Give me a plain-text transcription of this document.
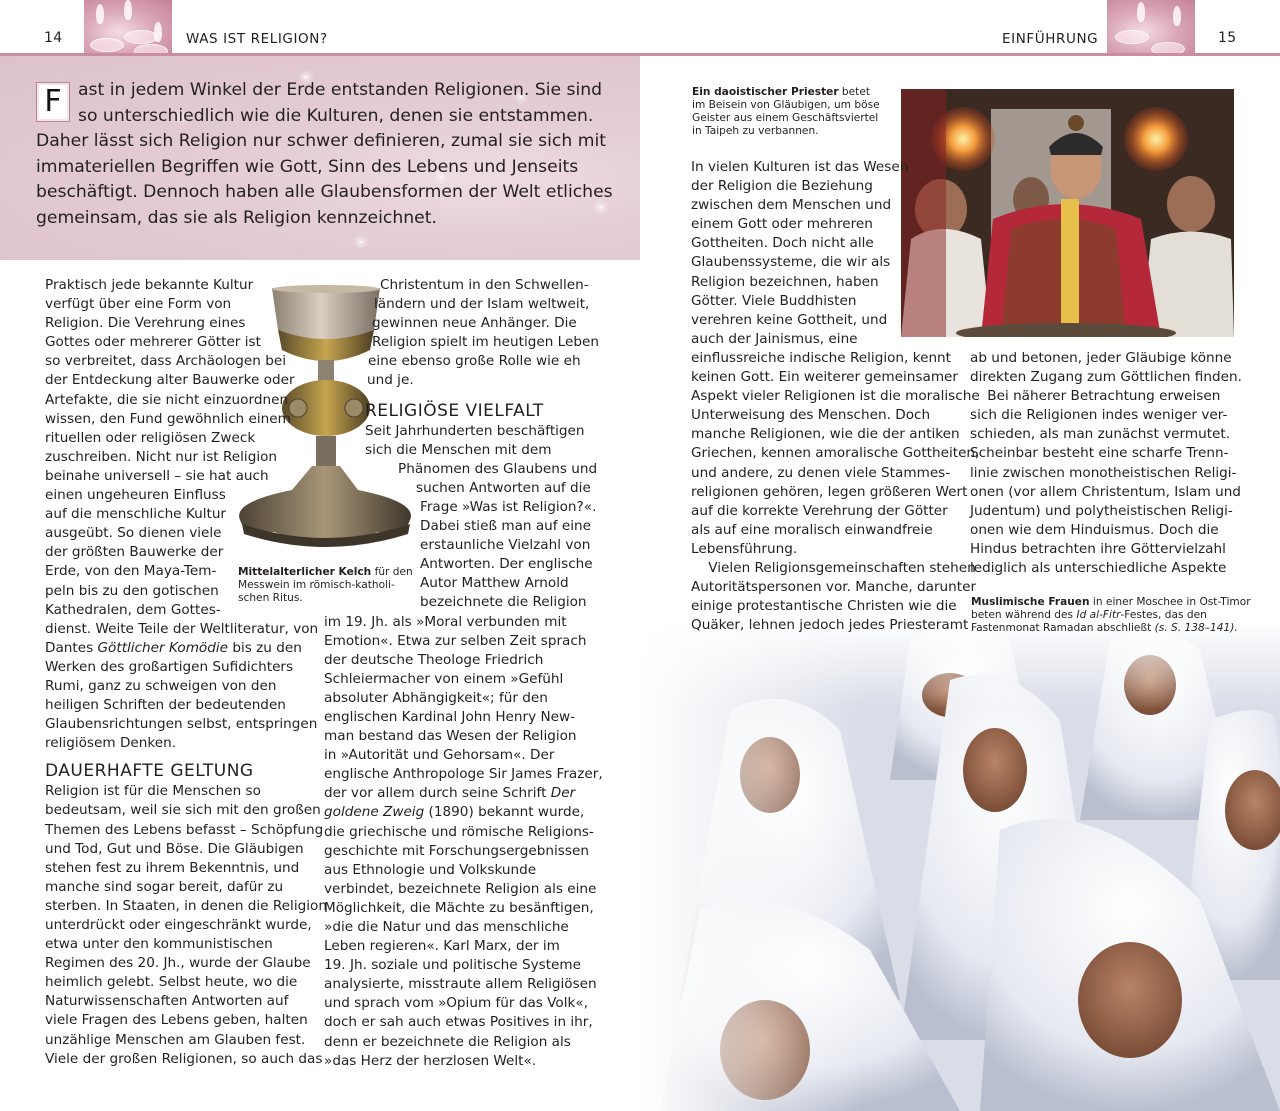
14	WAS IST RELIGION?	EINFÜHRUNG	15
F ast in jedem Winkel der Erde entstanden Religionen. Sie sind
so unterschiedlich wie die Kulturen, denen sie entstammen.
Daher lässt sich Religion nur schwer definieren, zumal sie sich mit
immateriellen Begriffen wie Gott, Sinn des Lebens und Jenseits
beschäftigt. Dennoch haben alle Glaubensformen der Welt etliches
gemeinsam, das sie als Religion kennzeichnet.
Mittelalterlicher Kelch für den
Messwein im römisch-katholi-
schen Ritus.
Praktisch jede bekannte Kultur
verfügt über eine Form von
Religion. Die Verehrung eines
Gottes oder mehrerer Götter ist
so verbreitet, dass Archäologen bei
der Entdeckung alter Bauwerke oder
Artefakte, die sie nicht einzuordnen
wissen, den Fund gewöhnlich einem
rituellen oder religiösen Zweck
zuschreiben. Nicht nur ist Religion
beinahe universell – sie hat auch
einen ungeheuren Einfluss
auf die menschliche Kultur
ausgeübt. So dienen viele
der größten Bauwerke der
Erde, von den Maya-Tem-
peln bis zu den gotischen
Kathedralen, dem Gottes-
dienst. Weite Teile der Weltliteratur, von
Dantes Göttlicher Komödie bis zu den
Werken des großartigen Sufidichters
Rumi, ganz zu schweigen von den
heiligen Schriften der bedeutenden
Glaubensrichtungen selbst, entspringen
religiösem Denken.
DAUERHAFTE GELTUNG
Religion ist für die Menschen so
bedeutsam, weil sie sich mit den großen
Themen des Lebens befasst – Schöpfung
und Tod, Gut und Böse. Die Gläubigen
stehen fest zu ihrem Bekenntnis, und
manche sind sogar bereit, dafür zu
sterben. In Staaten, in denen die Religion
unterdrückt oder eingeschränkt wurde,
etwa unter den kommunistischen
Regimen des 20. Jh., wurde der Glaube
heimlich gelebt. Selbst heute, wo die
Naturwissenschaften Antworten auf
viele Fragen des Lebens geben, halten
unzählige Menschen am Glauben fest.
Viele der großen Religionen, so auch das
Christentum in den Schwellen-
ländern und der Islam weltweit,
gewinnen neue Anhänger. Die
Religion spielt im heutigen Leben
eine ebenso große Rolle wie eh
und je.
RELIGIÖSE VIELFALT
Seit Jahrhunderten beschäftigen
sich die Menschen mit dem
Phänomen des Glaubens und
suchen Antworten auf die
Frage »Was ist Religion?«.
Dabei stieß man auf eine
erstaunliche Vielzahl von
Antworten. Der englische
Autor Matthew Arnold
bezeichnete die Religion
im 19. Jh. als »Moral verbunden mit
Emotion«. Etwa zur selben Zeit sprach
der deutsche Theologe Friedrich
Schleiermacher von einem »Gefühl
absoluter Abhängigkeit«; für den
englischen Kardinal John Henry New-
man bestand das Wesen der Religion
in »Autorität und Gehorsam«. Der
englische Anthropologe Sir James Frazer,
der vor allem durch seine Schrift Der
goldene Zweig (1890) bekannt wurde,
die griechische und römische Religions-
geschichte mit Forschungsergebnissen
aus Ethnologie und Volkskunde
verbindet, bezeichnete Religion als eine
Möglichkeit, die Mächte zu besänftigen,
»die die Natur und das menschliche
Leben regieren«. Karl Marx, der im
19. Jh. soziale und politische Systeme
analysierte, misstraute allem Religiösen
und sprach vom »Opium für das Volk«,
doch er sah auch etwas Positives in ihr,
denn er bezeichnete die Religion als
»das Herz der herzlosen Welt«.
Ein daoistischer Priester betet
im Beisein von Gläubigen, um böse
Geister aus einem Geschäftsviertel
in Taipeh zu verbannen.
In vielen Kulturen ist das Wesen
der Religion die Beziehung
zwischen dem Menschen und
einem Gott oder mehreren
Gottheiten. Doch nicht alle
Glaubenssysteme, die wir als
Religion bezeichnen, haben
Götter. Viele Buddhisten
verehren keine Gottheit, und
auch der Jainismus, eine
einflussreiche indische Religion, kennt
keinen Gott. Ein weiterer gemeinsamer
Aspekt vieler Religionen ist die moralische
Unterweisung des Menschen. Doch
manche Religionen, wie die der antiken
Griechen, kennen amoralische Gottheiten,
und andere, zu denen viele Stammes-
religionen gehören, legen größeren Wert
auf die korrekte Verehrung der Götter
als auf eine moralisch einwandfreie
Lebensführung.
Vielen Religionsgemeinschaften stehen
Autoritätspersonen vor. Manche, darunter
einige protestantische Christen wie die
Quäker, lehnen jedoch jedes Priesteramt
ab und betonen, jeder Gläubige könne
direkten Zugang zum Göttlichen finden.
Bei näherer Betrachtung erweisen
sich die Religionen indes weniger ver-
schieden, als man zunächst vermutet.
Scheinbar besteht eine scharfe Trenn-
linie zwischen monotheistischen Religi-
onen (vor allem Christentum, Islam und
Judentum) und polytheistischen Religi-
onen wie dem Hinduismus. Doch die
Hindus betrachten ihre Göttervielzahl
lediglich als unterschiedliche Aspekte
Muslimische Frauen in einer Moschee in Ost-Timor
beten während des Id al-Fitr-Festes, das den
Fastenmonat Ramadan abschließt (s. S. 138–141).
